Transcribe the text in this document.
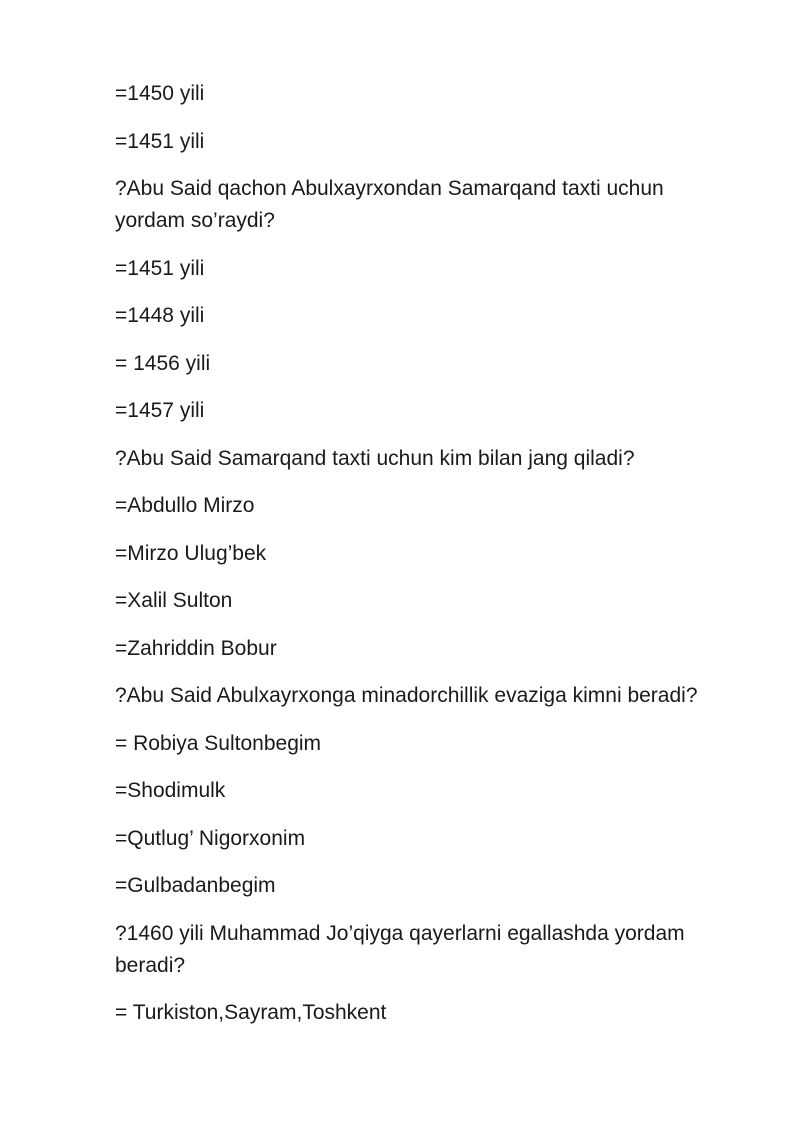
=1450 yili

=1451 yili

?Abu Said qachon Abulxayrxondan Samarqand taxti uchun yordam so’raydi?

=1451 yili

=1448 yili

= 1456 yili

=1457 yili

?Abu Said Samarqand taxti uchun kim bilan jang qiladi?

=Abdullo Mirzo

=Mirzo Ulug’bek

=Xalil Sulton

=Zahriddin Bobur

?Abu Said Abulxayrxonga minadorchillik evaziga kimni beradi?

= Robiya Sultonbegim

=Shodimulk

=Qutlug’ Nigorxonim

=Gulbadanbegim

?1460 yili Muhammad Jo’qiyga qayerlarni egallashda yordam beradi?

= Turkiston,Sayram,Toshkent
